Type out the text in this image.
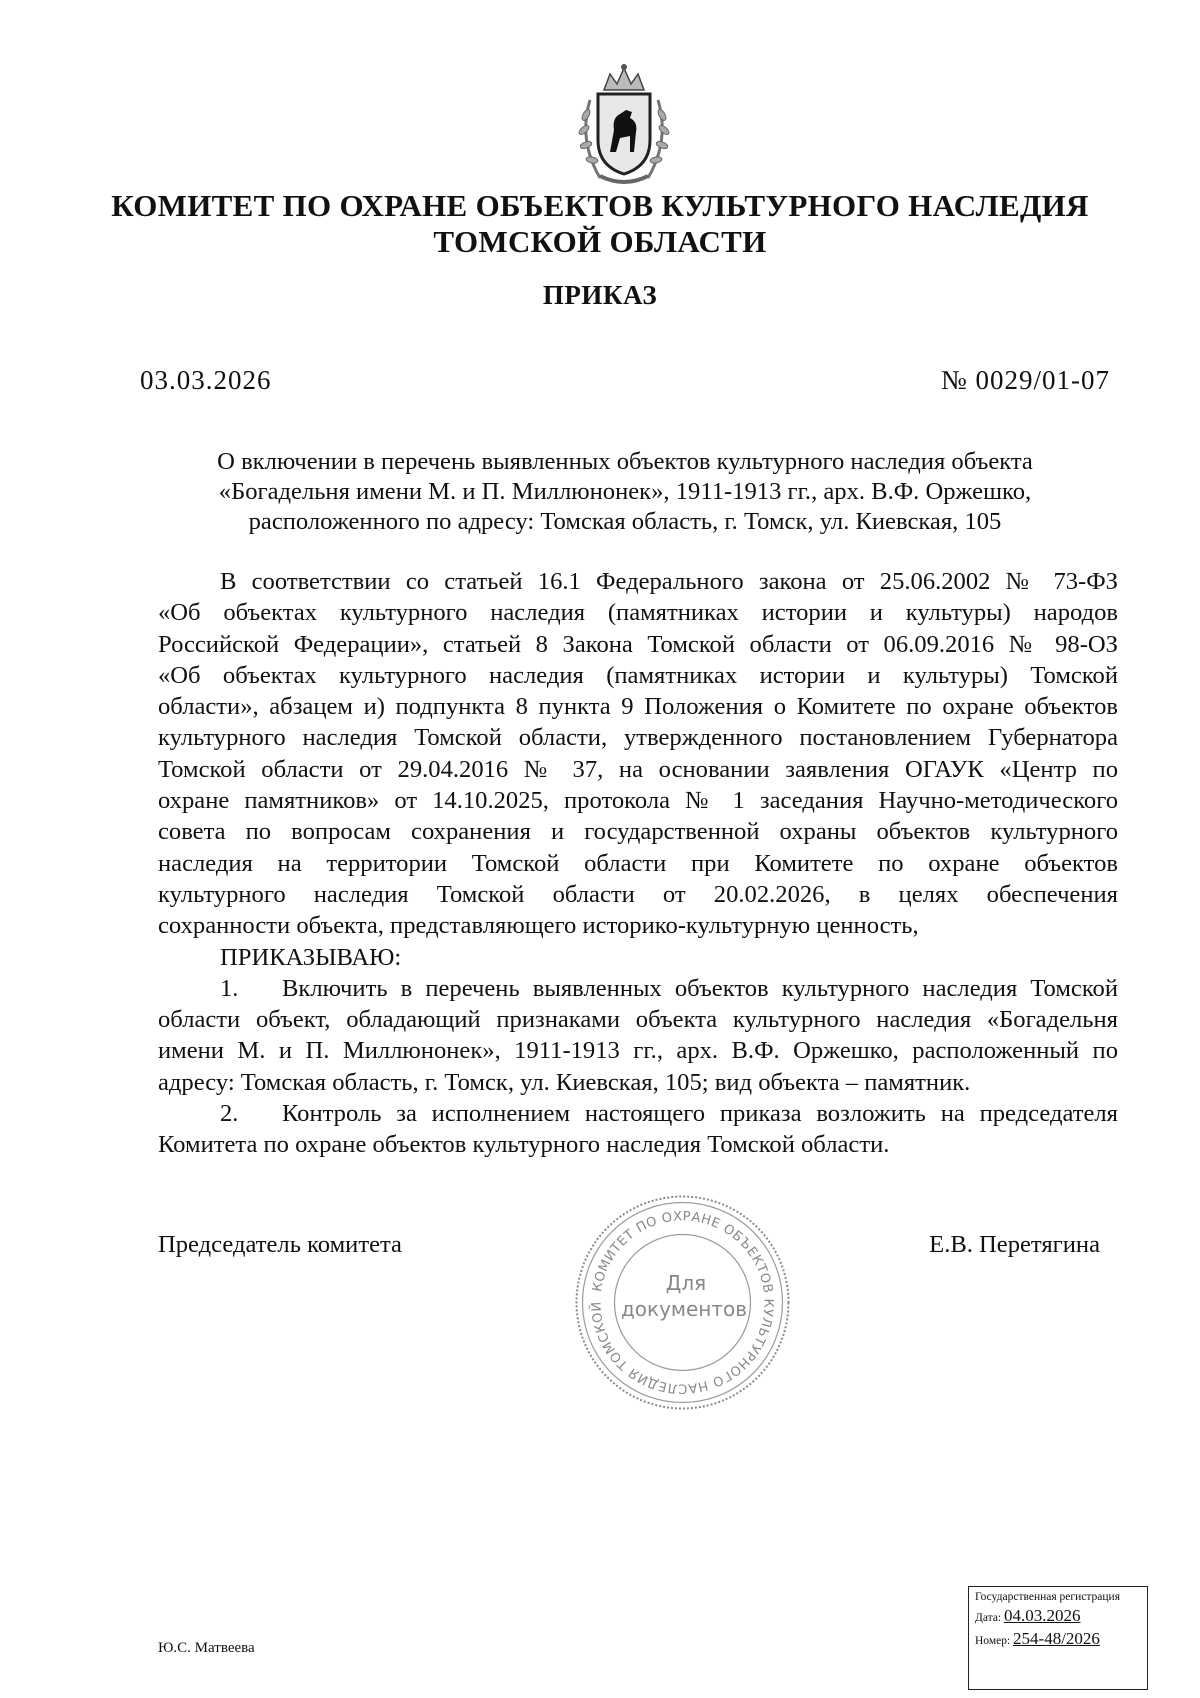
КОМИТЕТ ПО ОХРАНЕ ОБЪЕКТОВ КУЛЬТУРНОГО НАСЛЕДИЯ
ТОМСКОЙ ОБЛАСТИ
ПРИКАЗ
03.03.2026	№ 0029/01-07
О включении в перечень выявленных объектов культурного наследия объекта
«Богадельня имени М. и П. Миллюнонек», 1911-1913 гг., арх. В.Ф. Оржешко,
расположенного по адресу: Томская область, г. Томск, ул. Киевская, 105
В соответствии со статьей 16.1 Федерального закона от 25.06.2002 № 73-ФЗ
«Об объектах культурного наследия (памятниках истории и культуры) народов
Российской Федерации», статьей 8 Закона Томской области от 06.09.2016 № 98-ОЗ
«Об объектах культурного наследия (памятниках истории и культуры) Томской
области», абзацем и) подпункта 8 пункта 9 Положения о Комитете по охране объектов
культурного наследия Томской области, утвержденного постановлением Губернатора
Томской области от 29.04.2016 № 37, на основании заявления ОГАУК «Центр по
охране памятников» от 14.10.2025, протокола № 1 заседания Научно-методического
совета по вопросам сохранения и государственной охраны объектов культурного
наследия на территории Томской области при Комитете по охране объектов
культурного наследия Томской области от 20.02.2026, в целях обеспечения
сохранности объекта, представляющего историко-культурную ценность,
ПРИКАЗЫВАЮ:
1. Включить в перечень выявленных объектов культурного наследия Томской
области объект, обладающий признаками объекта культурного наследия «Богадельня
имени М. и П. Миллюнонек», 1911-1913 гг., арх. В.Ф. Оржешко, расположенный по
адресу: Томская область, г. Томск, ул. Киевская, 105; вид объекта – памятник.
2. Контроль за исполнением настоящего приказа возложить на председателя
Комитета по охране объектов культурного наследия Томской области.
Председатель комитета	Е.В. Перетягина
КОМИТЕТ ПО ОХРАНЕ ОБЪЕКТОВ КУЛЬТУРНОГО НАСЛЕДИЯ ТОМСКОЙ
Для
документов
Ю.С. Матвеева
Государственная регистрация
Дата: 04.03.2026
Номер: 254-48/2026
